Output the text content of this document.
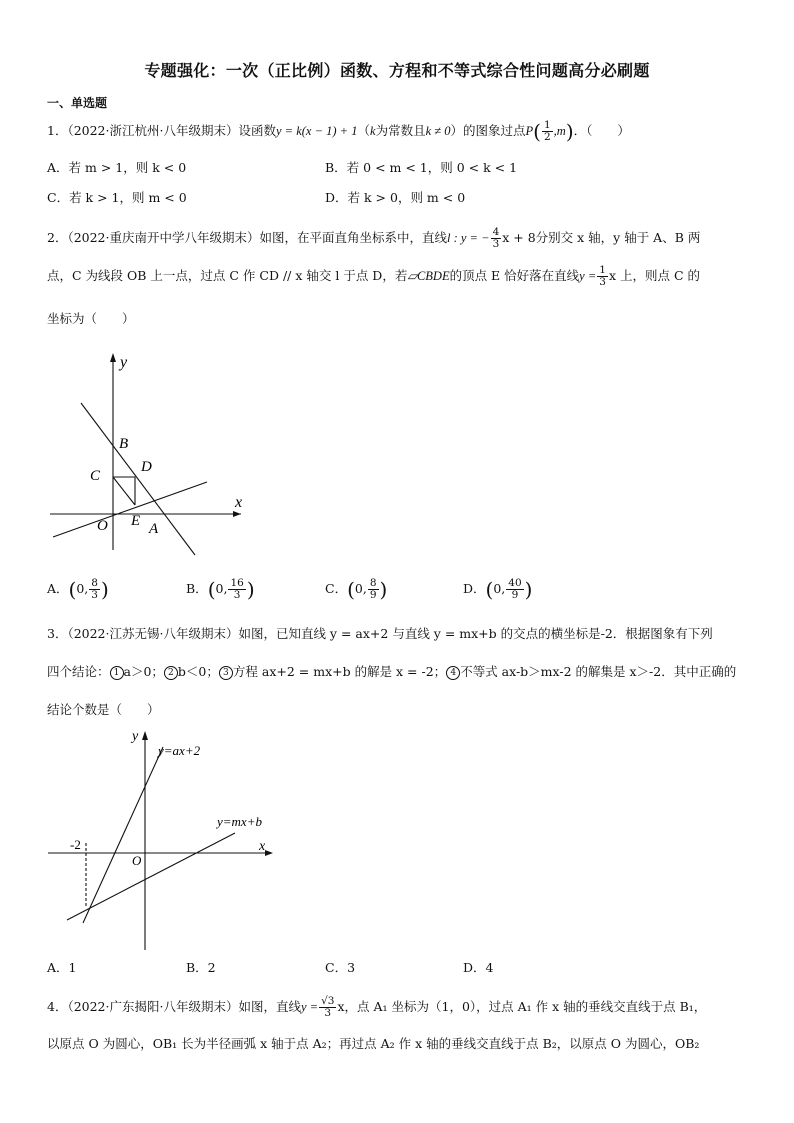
专题强化：一次（正比例）函数、方程和不等式综合性问题高分必刷题
一、单选题
1．（2022·浙江杭州·八年级期末）设函数y = k(x − 1) + 1（k为常数且k ≠ 0）的图象过点$P( \frac{1}{2} ,m)$．（　　）
A．若 m > 1，则 k < 0	B．若 0 < m < 1，则 0 < k < 1
C．若 k > 1，则 m < 0	D．若 k > 0，则 m < 0
2．（2022·重庆南开中学八年级期末）如图，在平面直角坐标系中，直线l : y = − $\frac{4}{3}$ x + 8分别交 x 轴，y 轴于 A、B 两
点，C 为线段 OB 上一点，过点 C 作 CD // x 轴交 l 于点 D，若▱CBDE的顶点 E 恰好落在直线$y = \frac{1}{3}$ x 上，则点 C 的
坐标为（　　）
y
x
B
C
D
O E A
A．(0, $\frac{8}{3}$ )	B．(0, $\frac{16}{3}$ )	C．(0, $\frac{8}{9}$ )	D．(0, $\frac{40}{9}$ )
3．（2022·江苏无锡·八年级期末）如图，已知直线 y = ax+2 与直线 y = mx+b 的交点的横坐标是-2．根据图象有下列
四个结论： 1 a＞0； 2 b＜0； 3 方程 ax+2 = mx+b 的解是 x = -2； 4 不等式 ax-b＞mx-2 的解集是 x＞-2．其中正确的
结论个数是（　　）
y
x
y=ax+2
y=mx+b
-2
O
A．1	B．2	C．3	D．4
4．（2022·广东揭阳·八年级期末）如图，直线$y = \frac{√3}{3}$ x，点 A₁ 坐标为（1，0），过点 A₁ 作 x 轴的垂线交直线于点 B₁，
以原点 O 为圆心，OB₁ 长为半径画弧 x 轴于点 A₂；再过点 A₂ 作 x 轴的垂线交直线于点 B₂，以原点 O 为圆心，OB₂
